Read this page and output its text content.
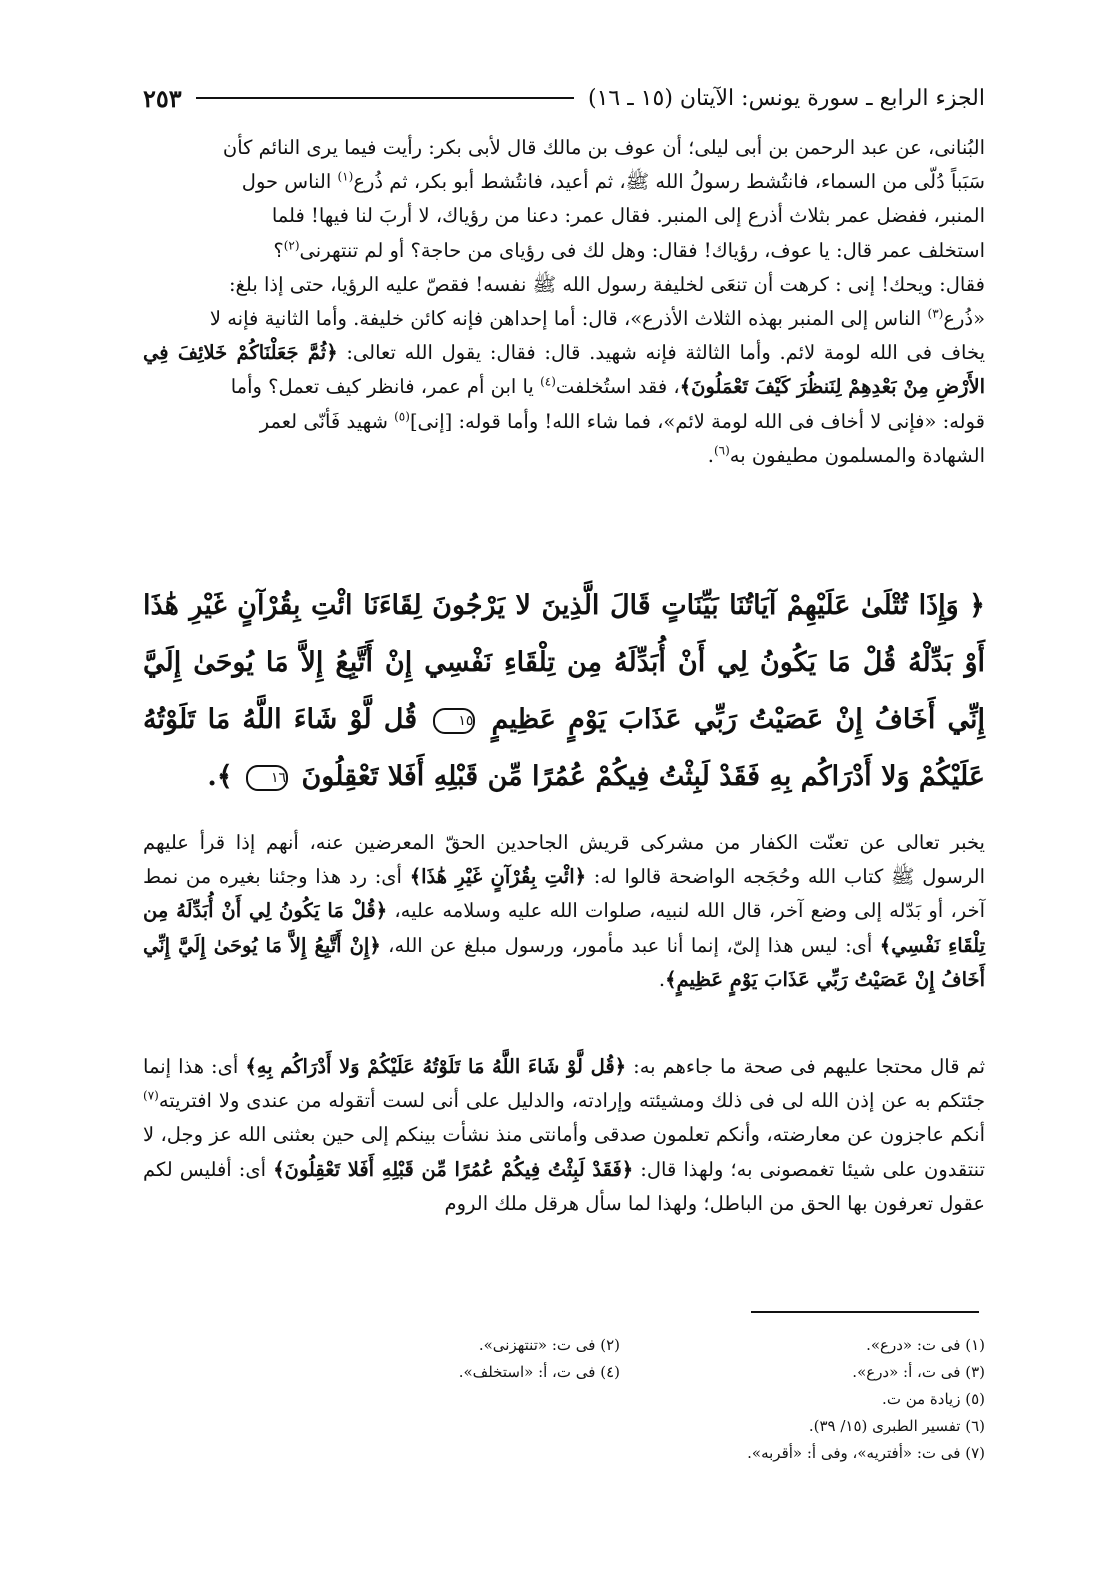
الجزء الرابع ـ سورة يونس: الآيتان (١٥ ـ ١٦)
٢٥٣

البُنانى، عن عبد الرحمن بن أبى ليلى؛ أن عوف بن مالك قال لأبى بكر: رأيت فيما يرى النائم كأن

سَبَباً دُلّى من السماء، فانتُشط رسولُ الله ﷺ، ثم أعيد، فانتُشط أبو بكر، ثم ذُرع$^{(١)}$ الناس حول

المنبر، ففضل عمر بثلاث أذرع إلى المنبر. فقال عمر: دعنا من رؤياك، لا أربَ لنا فيها! فلما

استخلف عمر قال: يا عوف، رؤياك! فقال: وهل لك فى رؤياى من حاجة؟ أو لم تنتهرنى$^{(٢)}$؟

فقال: ويحك! إنى : كرهت أن تنعَى لخليفة رسول الله ﷺ نفسه! فقصّ عليه الرؤيا، حتى إذا بلغ:

«ذُرع$^{(٣)}$ الناس إلى المنبر بهذه الثلاث الأذرع»، قال: أما إحداهن فإنه كائن خليفة. وأما الثانية فإنه لا

يخاف فى الله لومة لائم. وأما الثالثة فإنه شهيد. قال: فقال: يقول الله تعالى: ﴿ثُمَّ جَعَلْنَاكُمْ خَلائِفَ فِي الأَرْضِ مِنْ بَعْدِهِمْ لِنَنظُرَ كَيْفَ تَعْمَلُونَ﴾، فقد استُخلفت$^{(٤)}$ يا ابن أم عمر، فانظر كيف تعمل؟ وأما

قوله: «فإنى لا أخاف فى الله لومة لائم»، فما شاء الله! وأما قوله: [إنى]$^{(٥)}$ شهيد فَأنّى لعمر

الشهادة والمسلمون مطيفون به$^{(٦)}$.

﴿ وَإِذَا تُتْلَىٰ عَلَيْهِمْ آيَاتُنَا بَيِّنَاتٍ قَالَ الَّذِينَ لا يَرْجُونَ لِقَاءَنَا ائْتِ بِقُرْآنٍ غَيْرِ هَٰذَا أَوْ بَدِّلْهُ قُلْ مَا يَكُونُ لِي أَنْ أُبَدِّلَهُ مِن تِلْقَاءِ نَفْسِي إِنْ أَتَّبِعُ إِلاَّ مَا يُوحَىٰ إِلَيَّ إِنِّي أَخَافُ إِنْ عَصَيْتُ رَبِّي عَذَابَ يَوْمٍ عَظِيمٍ ١٥ قُل لَّوْ شَاءَ اللَّهُ مَا تَلَوْتُهُ عَلَيْكُمْ وَلا أَدْرَاكُم بِهِ فَقَدْ لَبِثْتُ فِيكُمْ عُمُرًا مِّن قَبْلِهِ أَفَلا تَعْقِلُونَ ١٦ ﴾.

يخبر تعالى عن تعنّت الكفار من مشركى قريش الجاحدين الحقّ المعرضين عنه، أنهم إذا قرأ عليهم الرسول ﷺ كتاب الله وحُجَجه الواضحة قالوا له: ﴿ائْتِ بِقُرْآنٍ غَيْرِ هَٰذَا﴾ أى: رد هذا وجئنا بغيره من نمط آخر، أو بَدّله إلى وضع آخر، قال الله لنبيه، صلوات الله عليه وسلامه عليه، ﴿قُلْ مَا يَكُونُ لِي أَنْ أُبَدِّلَهُ مِن تِلْقَاءِ نَفْسِي﴾ أى: ليس هذا إلىّ، إنما أنا عبد مأمور، ورسول مبلغ عن الله، ﴿إِنْ أَتَّبِعُ إِلاَّ مَا يُوحَىٰ إِلَيَّ إِنِّي أَخَافُ إِنْ عَصَيْتُ رَبِّي عَذَابَ يَوْمٍ عَظِيمٍ﴾.

ثم قال محتجا عليهم فى صحة ما جاءهم به: ﴿قُل لَّوْ شَاءَ اللَّهُ مَا تَلَوْتُهُ عَلَيْكُمْ وَلا أَدْرَاكُم بِهِ﴾ أى: هذا إنما جئتكم به عن إذن الله لى فى ذلك ومشيئته وإرادته، والدليل على أنى لست أتقوله من عندى ولا افتريته$^{(٧)}$ أنكم عاجزون عن معارضته، وأنكم تعلمون صدقى وأمانتى منذ نشأت بينكم إلى حين بعثنى الله عز وجل، لا تنتقدون على شيئا تغمصونى به؛ ولهذا قال: ﴿فَقَدْ لَبِثْتُ فِيكُمْ عُمُرًا مِّن قَبْلِهِ أَفَلا تَعْقِلُونَ﴾ أى: أفليس لكم عقول تعرفون بها الحق من الباطل؛ ولهذا لما سأل هرقل ملك الروم

(١) فى ت: «درع».
(٢) فى ت: «تنتهزنى».
(٣) فى ت، أ: «درع».
(٤) فى ت، أ: «استخلف».
(٥) زيادة من ت.
(٦) تفسير الطبرى (١٥/ ٣٩).
(٧) فى ت: «أفتريه»، وفى أ: «أقربه».
